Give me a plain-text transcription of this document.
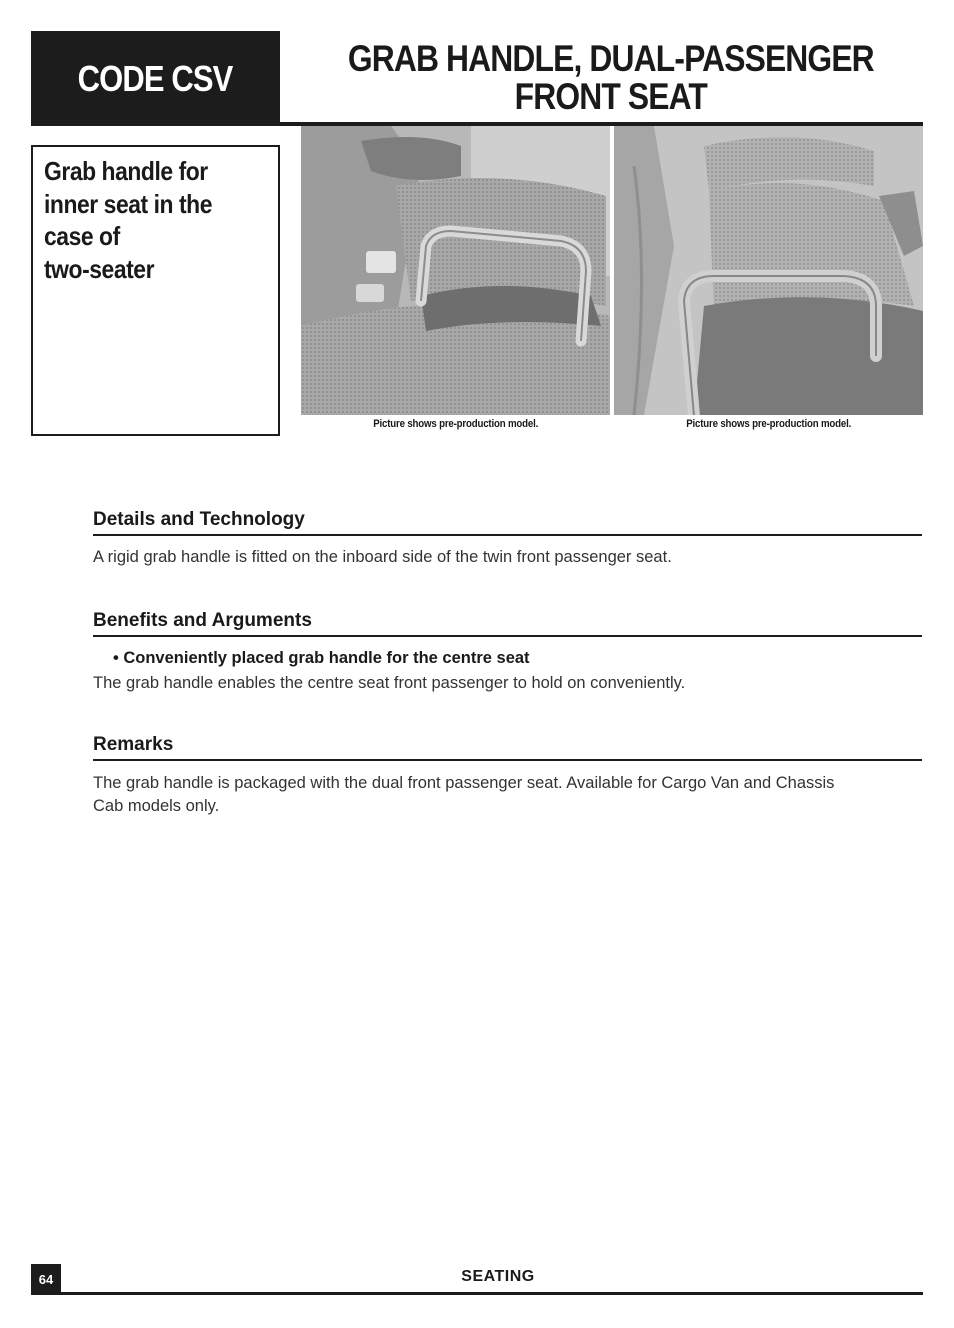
CODE CSV	GRAB HANDLE, DUAL-PASSENGER
FRONT SEAT
Grab handle for
inner seat in the
case of
two-seater
Picture shows pre-production model.	Picture shows pre-production model.
Details and Technology
A rigid grab handle is fitted on the inboard side of the twin front passenger seat.
Benefits and Arguments
• Conveniently placed grab handle for the centre seat
The grab handle enables the centre seat front passenger to hold on conveniently.
Remarks
The grab handle is packaged with the dual front passenger seat. Available for Cargo Van and Chassis
Cab models only.
64	SEATING
